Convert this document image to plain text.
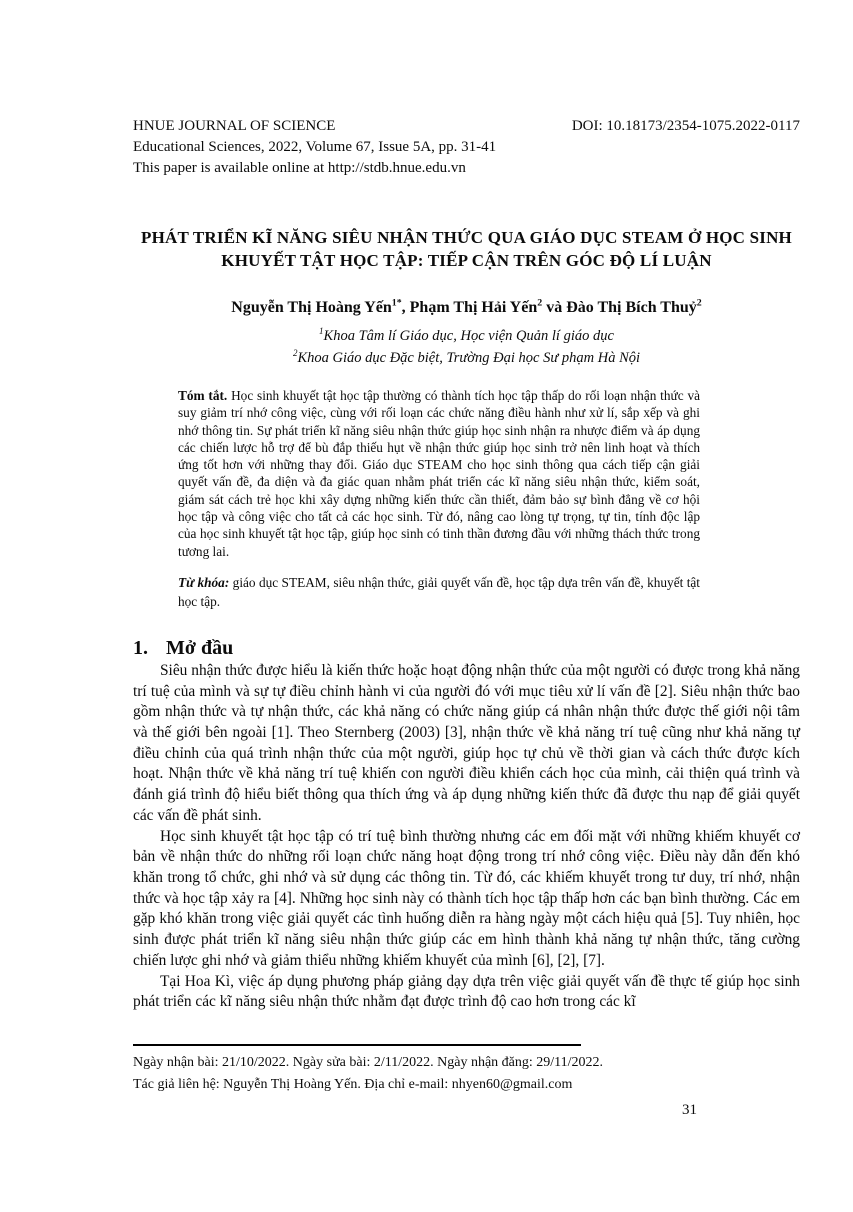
HNUE JOURNAL OF SCIENCE	DOI: 10.18173/2354-1075.2022-0117
Educational Sciences, 2022, Volume 67, Issue 5A, pp. 31-41
This paper is available online at http://stdb.hnue.edu.vn
PHÁT TRIỂN KĨ NĂNG SIÊU NHẬN THỨC QUA GIÁO DỤC STEAM Ở HỌC SINH KHUYẾT TẬT HỌC TẬP: TIẾP CẬN TRÊN GÓC ĐỘ LÍ LUẬN
Nguyễn Thị Hoàng Yến$^{1*}$, Phạm Thị Hải Yến$^2$ và Đào Thị Bích Thuỷ$^2$
$^1$Khoa Tâm lí Giáo dục, Học viện Quản lí giáo dục
$^2$Khoa Giáo dục Đặc biệt, Trường Đại học Sư phạm Hà Nội

Tóm tắt. Học sinh khuyết tật học tập thường có thành tích học tập thấp do rối loạn nhận thức và suy giảm trí nhớ công việc, cùng với rối loạn các chức năng điều hành như xử lí, sắp xếp và ghi nhớ thông tin. Sự phát triển kĩ năng siêu nhận thức giúp học sinh nhận ra nhược điểm và áp dụng các chiến lược hỗ trợ để bù đắp thiếu hụt về nhận thức giúp học sinh trở nên linh hoạt và thích ứng tốt hơn với những thay đổi. Giáo dục STEAM cho học sinh thông qua cách tiếp cận giải quyết vấn đề, đa diện và đa giác quan nhằm phát triển các kĩ năng siêu nhận thức, kiểm soát, giám sát cách trẻ học khi xây dựng những kiến thức cần thiết, đảm bảo sự bình đẳng về cơ hội học tập và công việc cho tất cả các học sinh. Từ đó, nâng cao lòng tự trọng, tự tin, tính độc lập của học sinh khuyết tật học tập, giúp học sinh có tinh thần đương đầu với những thách thức trong tương lai.

Từ khóa: giáo dục STEAM, siêu nhận thức, giải quyết vấn đề, học tập dựa trên vấn đề, khuyết tật học tập.

1. Mở đầu

Siêu nhận thức được hiểu là kiến thức hoặc hoạt động nhận thức của một người có được trong khả năng trí tuệ của mình và sự tự điều chỉnh hành vi của người đó với mục tiêu xử lí vấn đề [2]. Siêu nhận thức bao gồm nhận thức và tự nhận thức, các khả năng có chức năng giúp cá nhân nhận thức được thế giới nội tâm và thế giới bên ngoài [1]. Theo Sternberg (2003) [3], nhận thức về khả năng trí tuệ cũng như khả năng tự điều chỉnh của quá trình nhận thức của một người, giúp học tự chủ về thời gian và cách thức được kích hoạt. Nhận thức về khả năng trí tuệ khiến con người điều khiển cách học của mình, cải thiện quá trình và đánh giá trình độ hiểu biết thông qua thích ứng và áp dụng những kiến thức đã được thu nạp để giải quyết các vấn đề phát sinh.

Học sinh khuyết tật học tập có trí tuệ bình thường nhưng các em đối mặt với những khiếm khuyết cơ bản về nhận thức do những rối loạn chức năng hoạt động trong trí nhớ công việc. Điều này dẫn đến khó khăn trong tổ chức, ghi nhớ và sử dụng các thông tin. Từ đó, các khiếm khuyết trong tư duy, trí nhớ, nhận thức và học tập xảy ra [4]. Những học sinh này có thành tích học tập thấp hơn các bạn bình thường. Các em gặp khó khăn trong việc giải quyết các tình huống diễn ra hàng ngày một cách hiệu quả [5]. Tuy nhiên, học sinh được phát triển kĩ năng siêu nhận thức giúp các em hình thành khả năng tự nhận thức, tăng cường chiến lược ghi nhớ và giảm thiểu những khiếm khuyết của mình [6], [2], [7].

Tại Hoa Kì, việc áp dụng phương pháp giảng dạy dựa trên việc giải quyết vấn đề thực tế giúp học sinh phát triển các kĩ năng siêu nhận thức nhằm đạt được trình độ cao hơn trong các kĩ

Ngày nhận bài: 21/10/2022. Ngày sửa bài: 2/11/2022. Ngày nhận đăng: 29/11/2022.
Tác giả liên hệ: Nguyễn Thị Hoàng Yến. Địa chỉ e-mail: nhyen60@gmail.com
31
